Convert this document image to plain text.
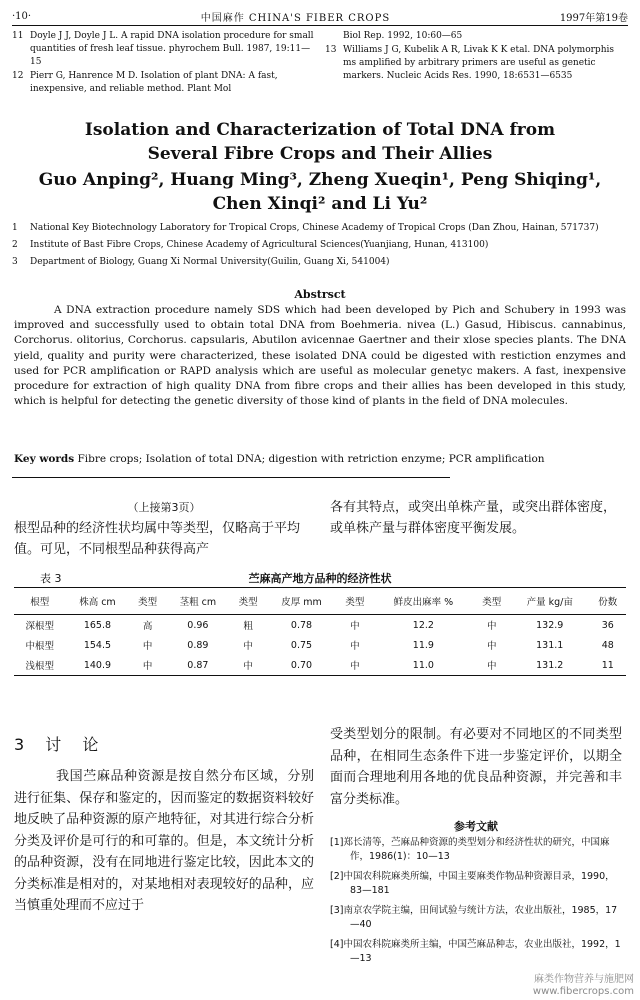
·10·	中国麻作 CHINA'S FIBER CROPS	1997年第19卷
11 Doyle J J, Doyle J L. A rapid DNA isolation procedure for small quantities of fresh leaf tissue. phyrochem Bull. 1987, 19:11—15
12 Pierr G, Hanrence M D. Isolation of plant DNA: A fast, inexpensive, and reliable method. Plant Mol
Biol Rep. 1992, 10:60—65
13 Williams J G, Kubelik A R, Livak K K etal. DNA polymorphis ms amplified by arbitrary primers are useful as genetic markers. Nucleic Acids Res. 1990, 18:6531—6535
Isolation and Characterization of Total DNA from
Several Fibre Crops and Their Allies
Guo Anping², Huang Ming³, Zheng Xueqin¹, Peng Shiqing¹,
Chen Xinqi² and Li Yu²
1	National Key Biotechnology Laboratory for Tropical Crops, Chinese Academy of Tropical Crops (Dan Zhou, Hainan, 571737)
2	Institute of Bast Fibre Crops, Chinese Academy of Agricultural Sciences(Yuanjiang, Hunan, 413100)
3	Department of Biology, Guang Xi Normal University(Guilin, Guang Xi, 541004)
Abstrsct
A DNA extraction procedure namely SDS which had been developed by Pich and Schubery in 1993 was improved and successfully used to obtain total DNA from Boehmeria. nivea (L.) Gasud, Hibiscus. cannabinus, Corchorus. olitorius, Corchorus. capsularis, Abutilon avicennae Gaertner and their xlose species plants. The DNA yield, quality and purity were characterized, these isolated DNA could be digested with restiction enzymes and used for PCR amplification or RAPD analysis which are useful as molecular genetyc makers. A fast, inexpensive procedure for extraction of high quality DNA from fibre crops and their allies has been developed in this study, which is helpful for detecting the genetic diversity of those kind of plants in the field of DNA molecules.
Key words Fibre crops; Isolation of total DNA; digestion with retriction enzyme; PCR amplification
（上接第3页）
根型品种的经济性状均属中等类型，仅略高于平均值。可见，不同根型品种获得高产
各有其特点，或突出单株产量，或突出群体密度，或单株产量与群体密度平衡发展。
表 3	苎麻高产地方品种的经济性状
根型	株高 cm	类型	茎粗 cm	类型	皮厚 mm	类型	鲜皮出麻率 %	类型	产量 kg/亩	份数
深根型	165.8	高	0.96	粗	0.78	中	12.2	中	132.9	36
中根型	154.5	中	0.89	中	0.75	中	11.9	中	131.1	48
浅根型	140.9	中	0.87	中	0.70	中	11.0	中	131.2	11
3 讨 论
我国苎麻品种资源是按自然分布区域，分别进行征集、保存和鉴定的，因而鉴定的数据资料较好地反映了品种资源的原产地特征，对其进行综合分析分类及评价是可行的和可靠的。但是，本文统计分析的品种资源，没有在同地进行鉴定比较，因此本文的分类标准是相对的，对某地相对表现较好的品种，应当慎重处理而不应过于
受类型划分的限制。有必要对不同地区的不同类型品种，在相同生态条件下进一步鉴定评价，以期全面而合理地利用各地的优良品种资源，并完善和丰富分类标准。
参考文献
[1]郑长清等，苎麻品种资源的类型划分和经济性状的研究，中国麻作，1986(1)：10—13
[2]中国农科院麻类所编，中国主要麻类作物品种资源目录，1990，83—181
[3]南京农学院主编，田间试验与统计方法，农业出版社，1985，17—40
[4]中国农科院麻类所主编，中国苎麻品种志，农业出版社，1992，1—13
麻类作物营养与施肥网
www.fibercrops.com
